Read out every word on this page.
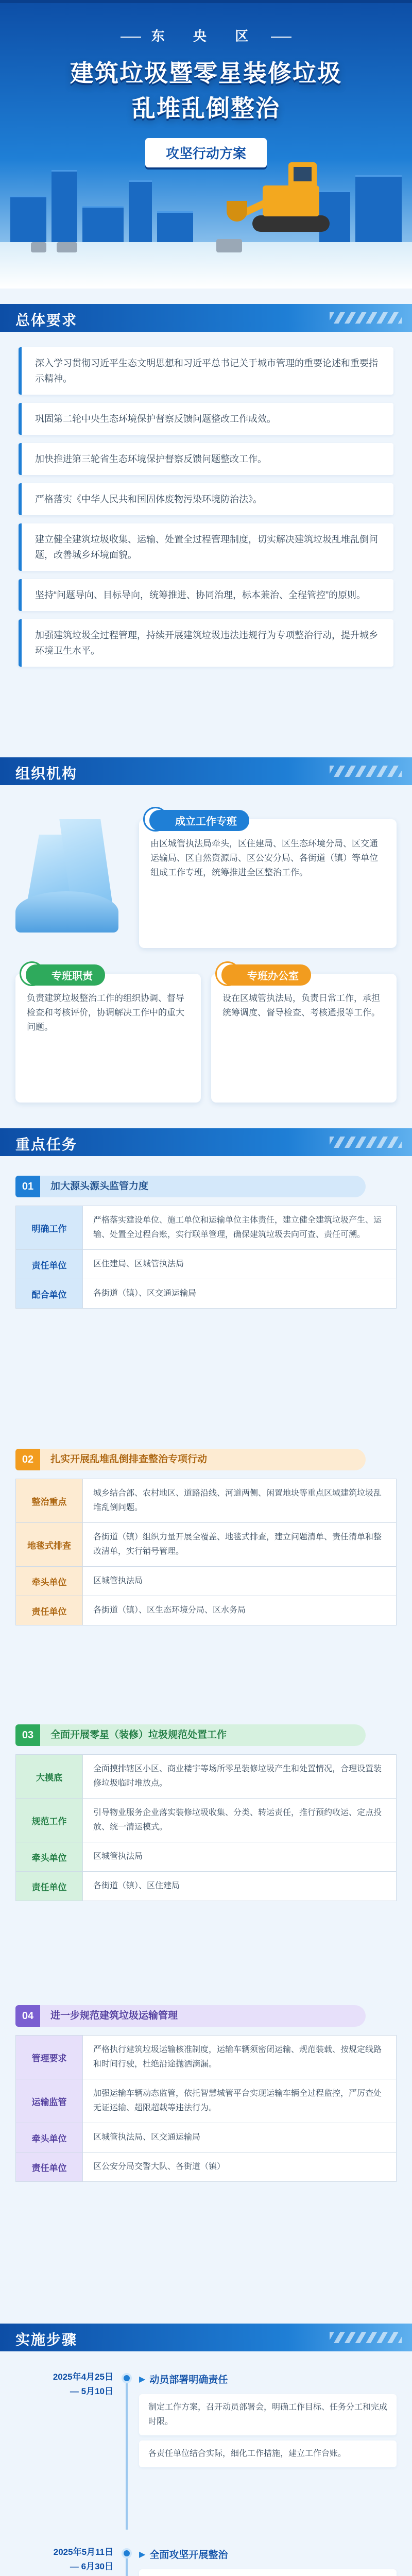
东 央 区
建筑垃圾暨零星装修垃圾
乱堆乱倒整治
攻坚行动方案
总体要求
深入学习贯彻习近平生态文明思想和习近平总书记关于城市管理的重要论述和重要指示精神。
巩固第二轮中央生态环境保护督察反馈问题整改工作成效。
加快推进第三轮省生态环境保护督察反馈问题整改工作。
严格落实《中华人民共和国固体废物污染环境防治法》。
建立健全建筑垃圾收集、运输、处置全过程管理制度，切实解决建筑垃圾乱堆乱倒问题，改善城乡环境面貌。
坚持“问题导向、目标导向，统筹推进、协同治理，标本兼治、全程管控”的原则。
加强建筑垃圾全过程管理，持续开展建筑垃圾违法违规行为专项整治行动，提升城乡环境卫生水平。
组织机构
成立工作专班
由区城管执法局牵头，区住建局、区生态环境分局、区交通运输局、区自然资源局、区公安分局、各街道（镇）等单位组成工作专班，统筹推进全区整治工作。
专班职责
负责建筑垃圾整治工作的组织协调、督导检查和考核评价，协调解决工作中的重大问题。
专班办公室
设在区城管执法局，负责日常工作，承担统筹调度、督导检查、考核通报等工作。
重点任务
01	加大源头源头监管力度
明确工作	严格落实建设单位、施工单位和运输单位主体责任，建立健全建筑垃圾产生、运输、处置全过程台账，实行联单管理，确保建筑垃圾去向可查、责任可溯。
责任单位	区住建局、区城管执法局
配合单位	各街道（镇）、区交通运输局
02	扎实开展乱堆乱倒排查整治专项行动
整治重点	城乡结合部、农村地区、道路沿线、河道两侧、闲置地块等重点区域建筑垃圾乱堆乱倒问题。
地毯式排查	各街道（镇）组织力量开展全覆盖、地毯式排查，建立问题清单、责任清单和整改清单，实行销号管理。
牵头单位	区城管执法局
责任单位	各街道（镇）、区生态环境分局、区水务局
03	全面开展零星（装修）垃圾规范处置工作
大摸底	全面摸排辖区小区、商业楼宇等场所零星装修垃圾产生和处置情况，合理设置装修垃圾临时堆放点。
规范工作	引导物业服务企业落实装修垃圾收集、分类、转运责任，推行预约收运、定点投放、统一清运模式。
牵头单位	区城管执法局
责任单位	各街道（镇）、区住建局
04	进一步规范建筑垃圾运输管理
管理要求	严格执行建筑垃圾运输核准制度，运输车辆须密闭运输、规范装载、按规定线路和时间行驶，杜绝沿途抛洒滴漏。
运输监管	加强运输车辆动态监管，依托智慧城管平台实现运输车辆全过程监控，严厉查处无证运输、超限超载等违法行为。
牵头单位	区城管执法局、区交通运输局
责任单位	区公安分局交警大队、各街道（镇）
实施步骤
2025年4月25日
— 5月10日
▶ 动员部署明确责任
制定工作方案，召开动员部署会，明确工作目标、任务分工和完成时限。
各责任单位结合实际，细化工作措施，建立工作台账。
2025年5月11日
— 6月30日
▶ 全面攻坚开展整治
